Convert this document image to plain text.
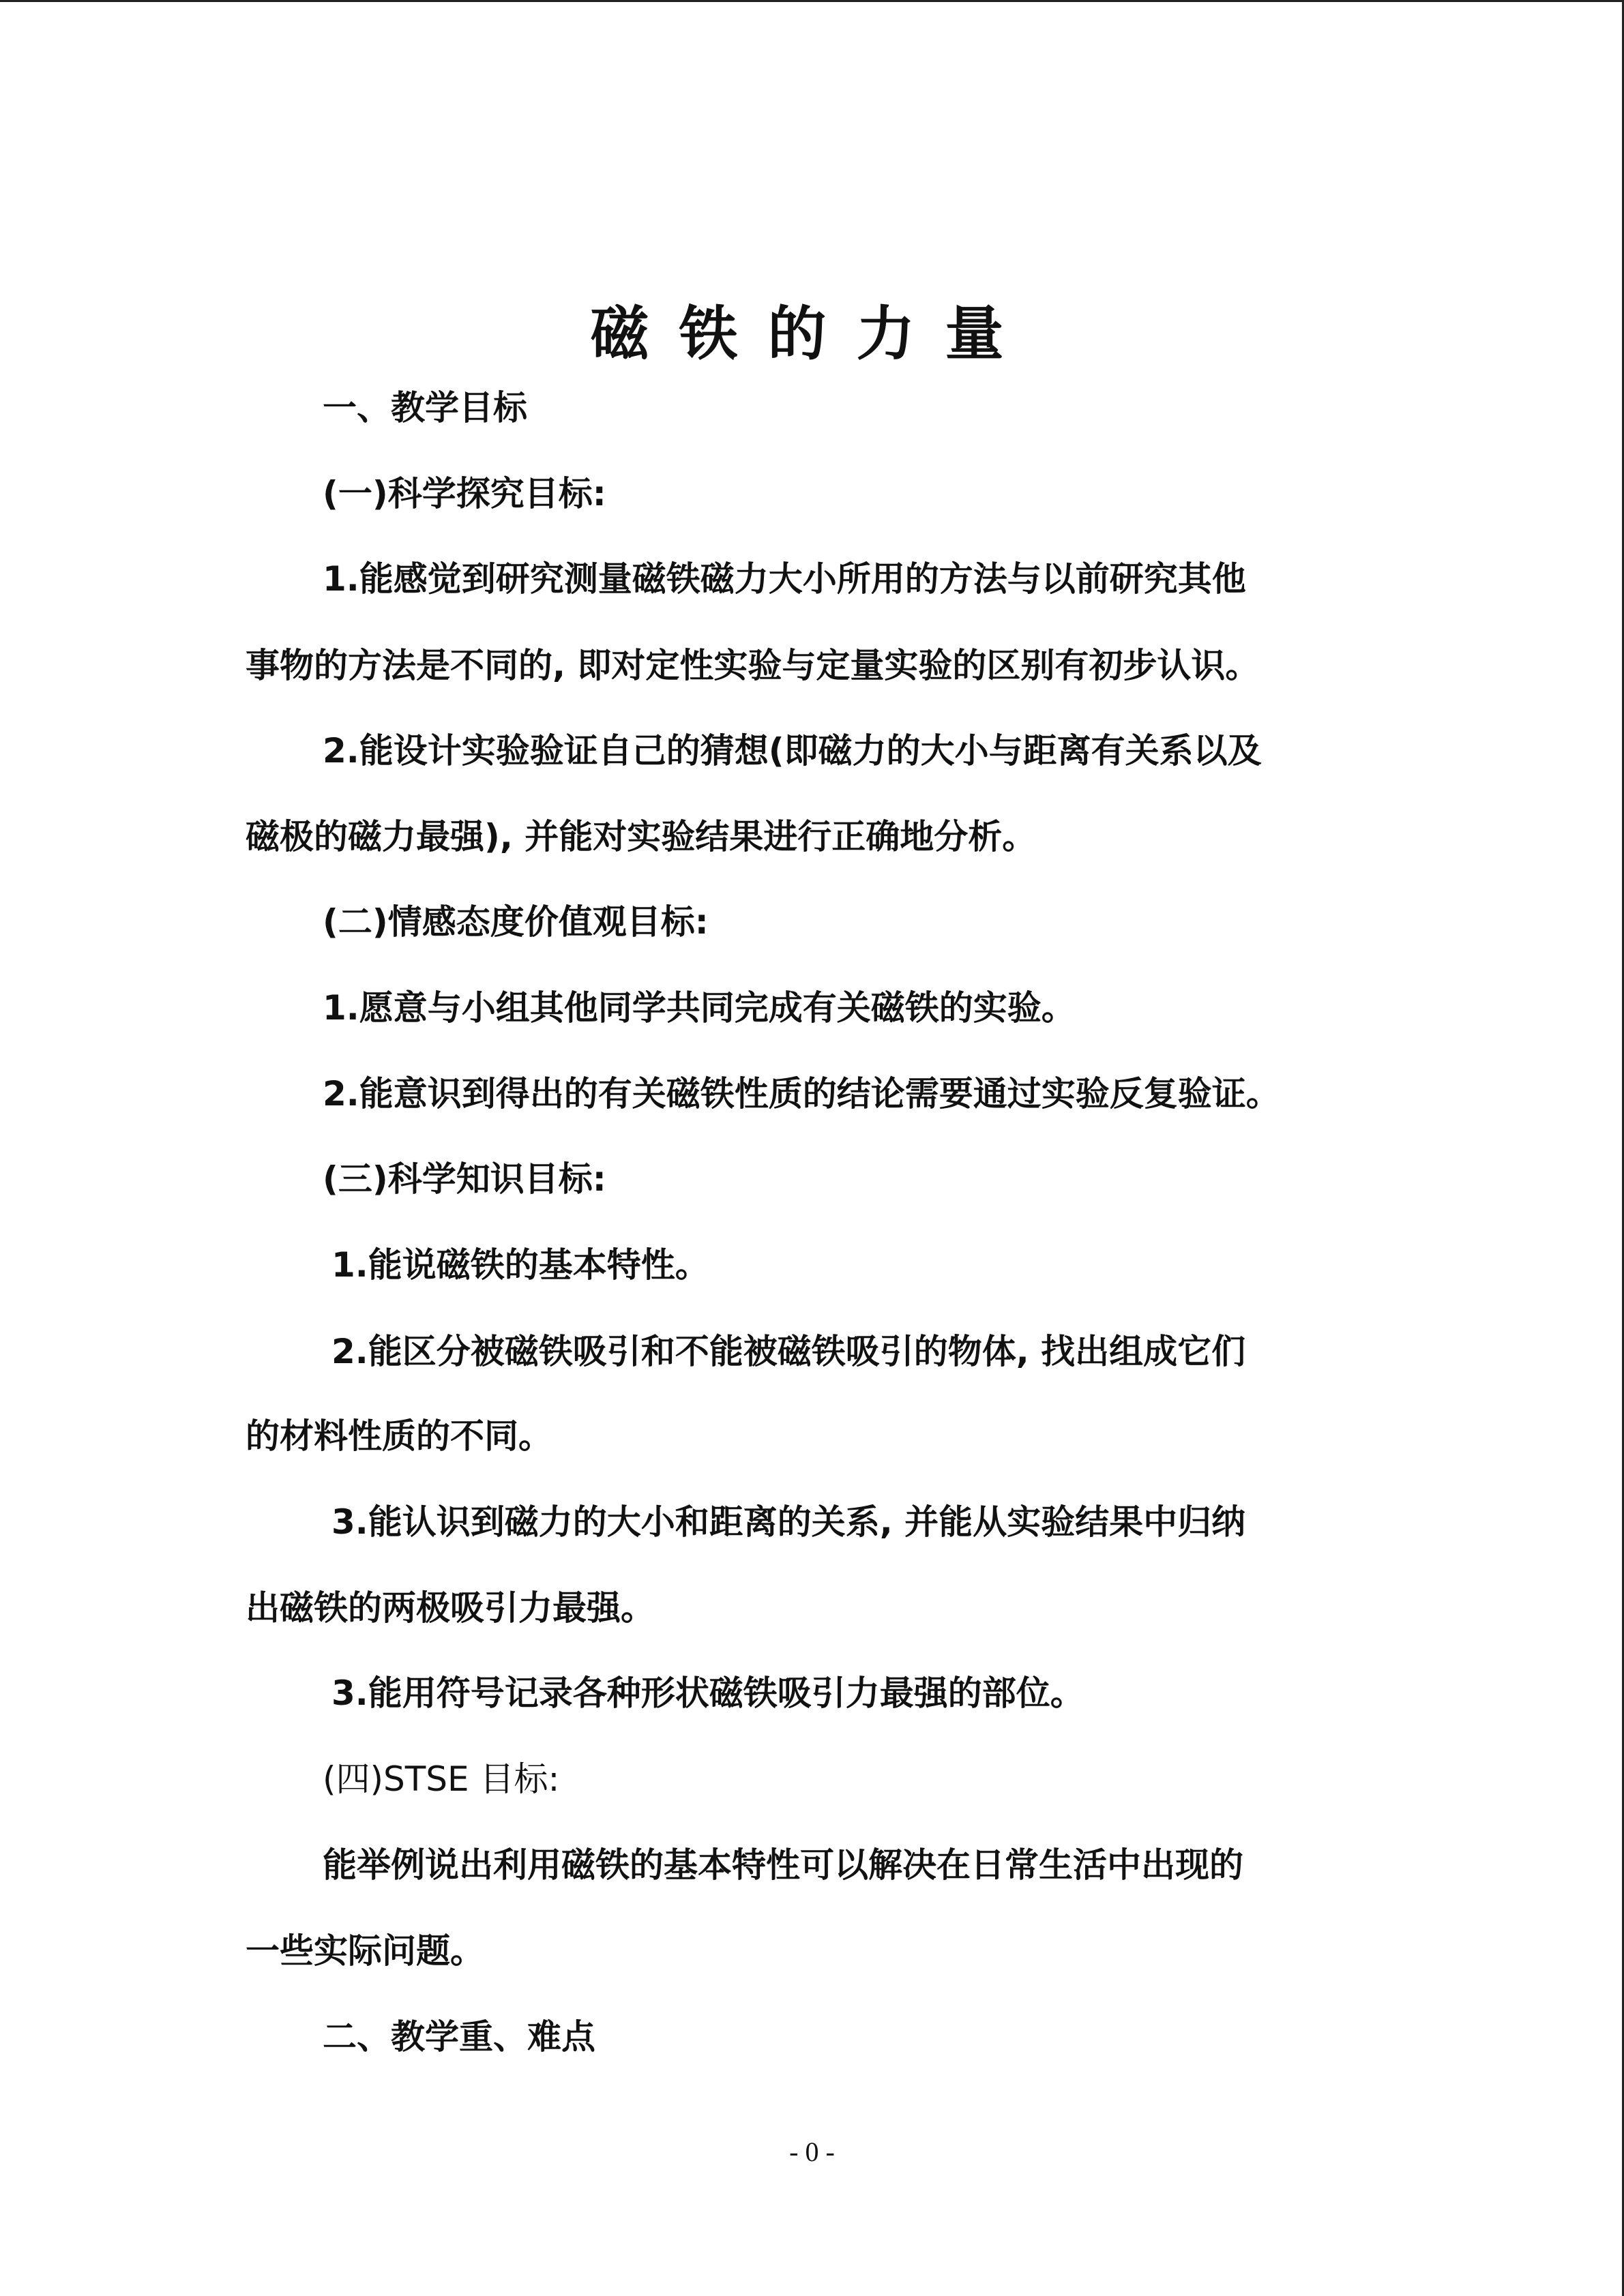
磁铁的力量
一、教学目标
(一)科学探究目标:
1.能感觉到研究测量磁铁磁力大小所用的方法与以前研究其他
事物的方法是不同的, 即对定性实验与定量实验的区别有初步认识。
2.能设计实验验证自己的猜想(即磁力的大小与距离有关系以及
磁极的磁力最强), 并能对实验结果进行正确地分析。
(二)情感态度价值观目标:
1.愿意与小组其他同学共同完成有关磁铁的实验。
2.能意识到得出的有关磁铁性质的结论需要通过实验反复验证。
(三)科学知识目标:
1.能说磁铁的基本特性。
2.能区分被磁铁吸引和不能被磁铁吸引的物体, 找出组成它们
的材料性质的不同。
3.能认识到磁力的大小和距离的关系, 并能从实验结果中归纳
出磁铁的两极吸引力最强。
3.能用符号记录各种形状磁铁吸引力最强的部位。
(四)STSE 目标:
能举例说出利用磁铁的基本特性可以解决在日常生活中出现的
一些实际问题。
二、教学重、难点
- 0 -
